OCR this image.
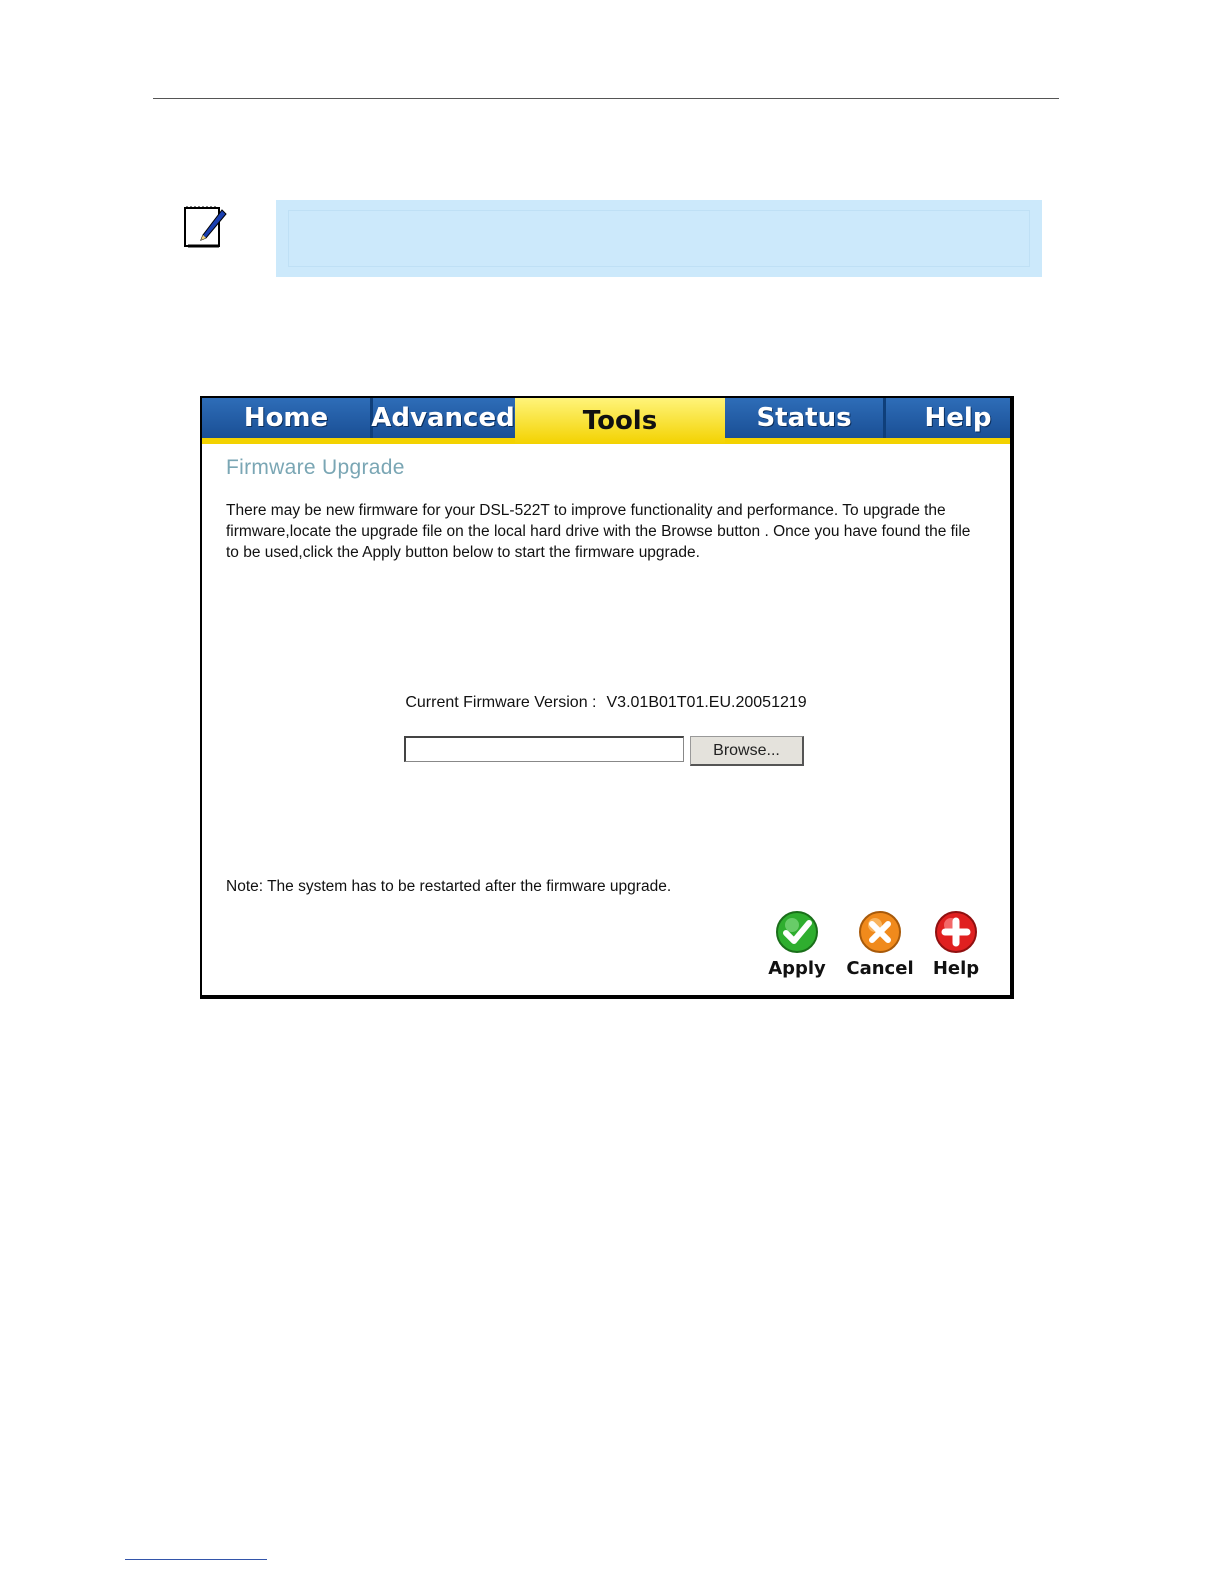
Home	Advanced	Tools	Status	Help
Firmware Upgrade

There may be new firmware for your DSL-522T to improve functionality and performance. To upgrade the firmware,locate the upgrade file on the local hard drive with the Browse button . Once you have found the file to be used,click the Apply button below to start the firmware upgrade.

Current Firmware Version : V3.01B01T01.EU.20051219
Browse...
Note: The system has to be restarted after the firmware upgrade.
Apply	Cancel	Help
